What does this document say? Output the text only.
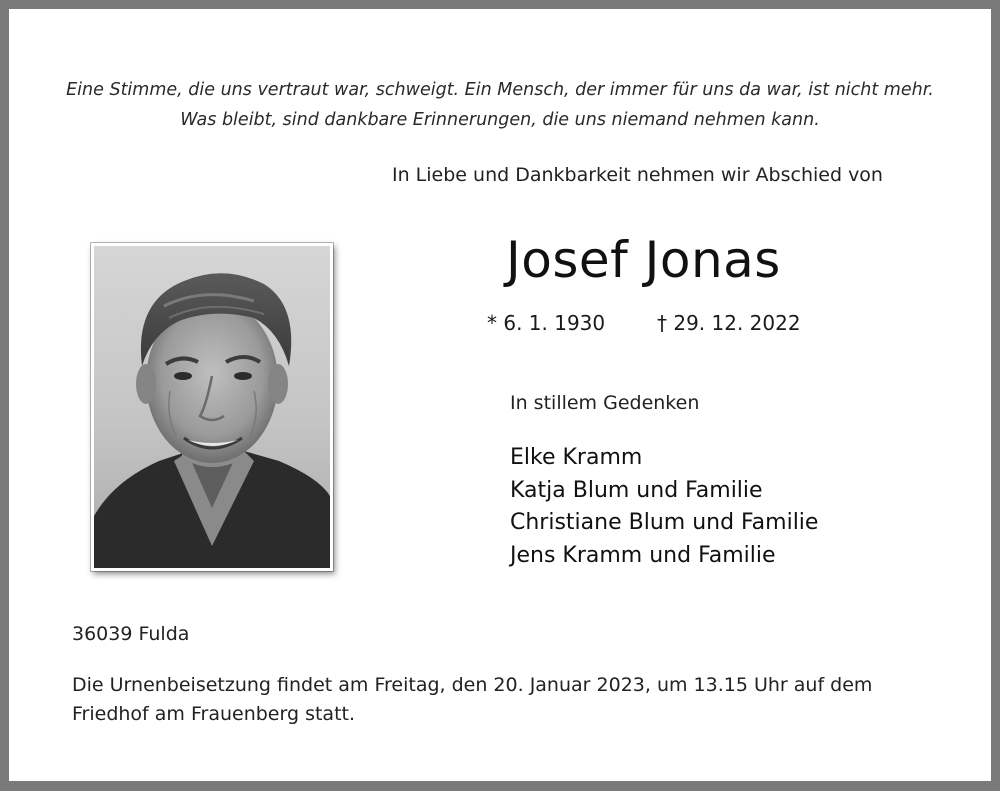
Eine Stimme, die uns vertraut war, schweigt. Ein Mensch, der immer für uns da war, ist nicht mehr.
Was bleibt, sind dankbare Erinnerungen, die uns niemand nehmen kann.
In Liebe und Dankbarkeit nehmen wir Abschied von
Josef Jonas
* 6. 1. 1930	† 29. 12. 2022
In stillem Gedenken
Elke Kramm
Katja Blum und Familie
Christiane Blum und Familie
Jens Kramm und Familie
36039 Fulda
Die Urnenbeisetzung findet am Freitag, den 20. Januar 2023, um 13.15 Uhr auf dem
Friedhof am Frauenberg statt.
